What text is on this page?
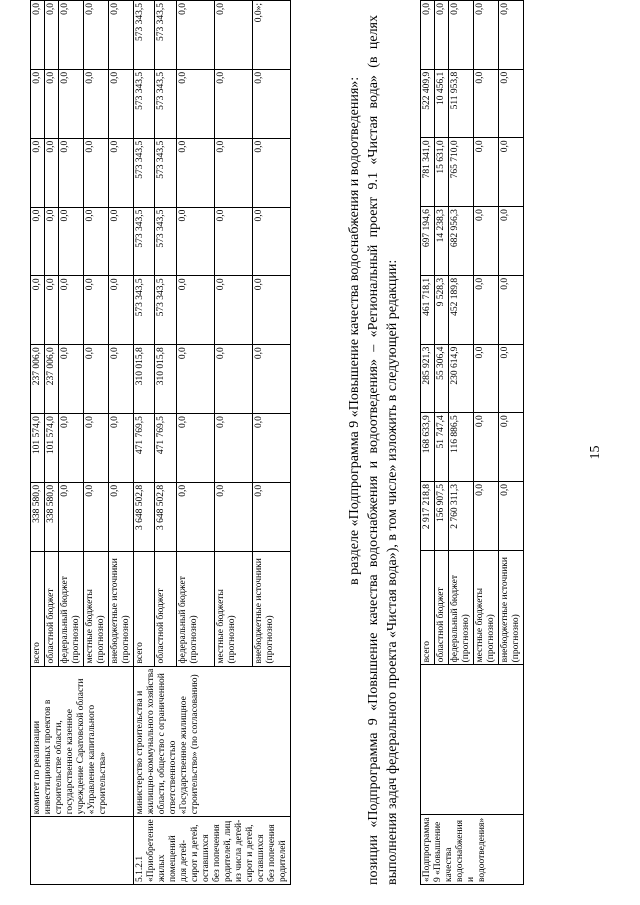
15
	комитет по реализации инвестиционных проектов в строительстве области, государственное казенное учреждение Саратовской области «Управление капитального строительства»	всего	338 580,0	101 574,0	237 006,0	0,0	0,0	0,0	0,0	0,0
		областной бюджет	338 580,0	101 574,0	237 006,0	0,0	0,0	0,0	0,0	0,0
		федеральный бюджет (прогнозно)	0,0	0,0	0,0	0,0	0,0	0,0	0,0	0,0
		местные бюджеты (прогнозно)	0,0	0,0	0,0	0,0	0,0	0,0	0,0	0,0
		внебюджетные источники (прогнозно)	0,0	0,0	0,0	0,0	0,0	0,0	0,0	0,0
5.1.2.1 «Приобретение жилых помещений для детей-сирот и детей, оставшихся без попечения родителей, лиц из числа детей-сирот и детей, оставшихся без попечения родителей	министерство строительства и жилищно-коммунального хозяйства области, общество с ограниченной ответственностью «Государственное жилищное строительство» (по согласованию)	всего	3 648 502,8	471 769,5	310 015,8	573 343,5	573 343,5	573 343,5	573 343,5	573 343,5
		областной бюджет	3 648 502,8	471 769,5	310 015,8	573 343,5	573 343,5	573 343,5	573 343,5	573 343,5
		федеральный бюджет (прогнозно)	0,0	0,0	0,0	0,0	0,0	0,0	0,0	0,0
		местные бюджеты (прогнозно)	0,0	0,0	0,0	0,0	0,0	0,0	0,0	0,0
		внебюджетные источники (прогнозно)	0,0	0,0	0,0	0,0	0,0	0,0	0,0	0,0»;

в разделе «Подпрограмма 9 «Повышение качества водоснабжения и водоотведения»: позиции «Подпрограмма 9 «Повышение качества водоснабжения и водоотведения» – «Региональный проект 9.1 «Чистая вода» (в целях выполнения задач федерального проекта «Чистая вода»), в том числе» изложить в следующей редакции: «Подпрограмма 9 «Повышение качества водоснабжения и водоотведения»		всего	2 917 218,8	168 633,9	285 921,3	461 718,1	697 194,6	781 341,0	522 409,9	0,0
		областной бюджет	156 907,5	51 747,4	55 306,4	9 528,3	14 238,3	15 631,0	10 456,1	0,0
		федеральный бюджет (прогнозно)	2 760 311,3	116 886,5	230 614,9	452 189,8	682 956,3	765 710,0	511 953,8	0,0
		местные бюджеты (прогнозно)	0,0	0,0	0,0	0,0	0,0	0,0	0,0	0,0
		внебюджетные источники (прогнозно)	0,0	0,0	0,0	0,0	0,0	0,0	0,0	0,0
